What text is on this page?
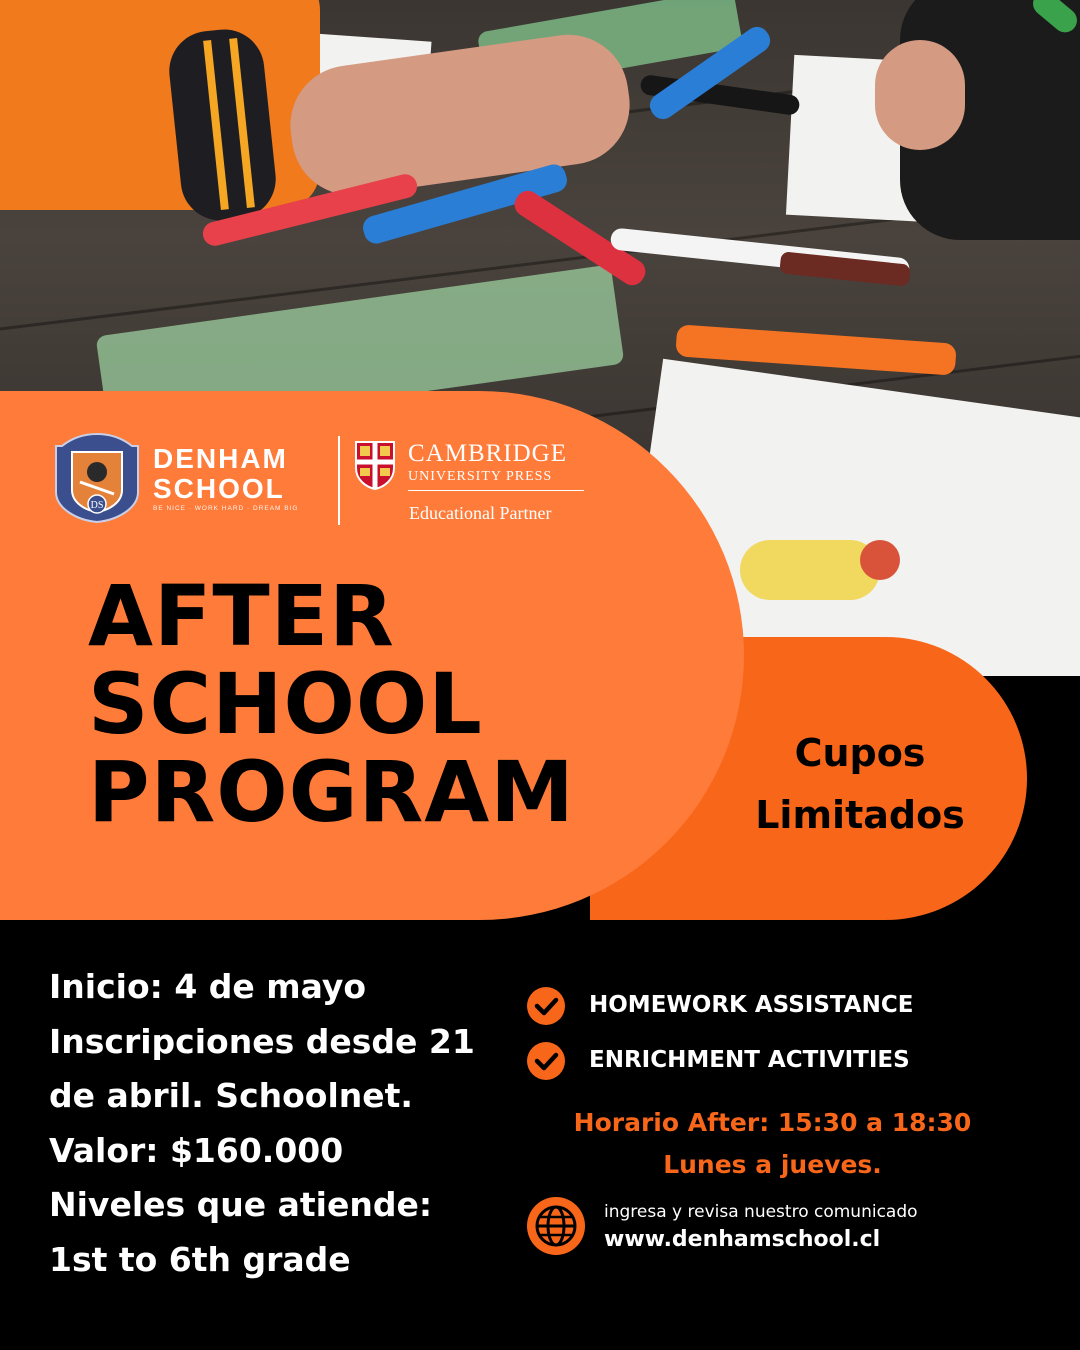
DS
DENHAM
SCHOOL
BE NICE · WORK HARD · DREAM BIG
CAMBRIDGE
UNIVERSITY PRESS
Educational Partner
AFTER
SCHOOL
PROGRAM	Cupos
Limitados
Inicio: 4 de mayo
Inscripciones desde 21
de abril. Schoolnet.
Valor: $160.000
Niveles que atiende:
1st to 6th grade
HOMEWORK ASSISTANCE
ENRICHMENT ACTIVITIES
Horario After: 15:30 a 18:30
Lunes a jueves.
ingresa y revisa nuestro comunicado
www.denhamschool.cl
